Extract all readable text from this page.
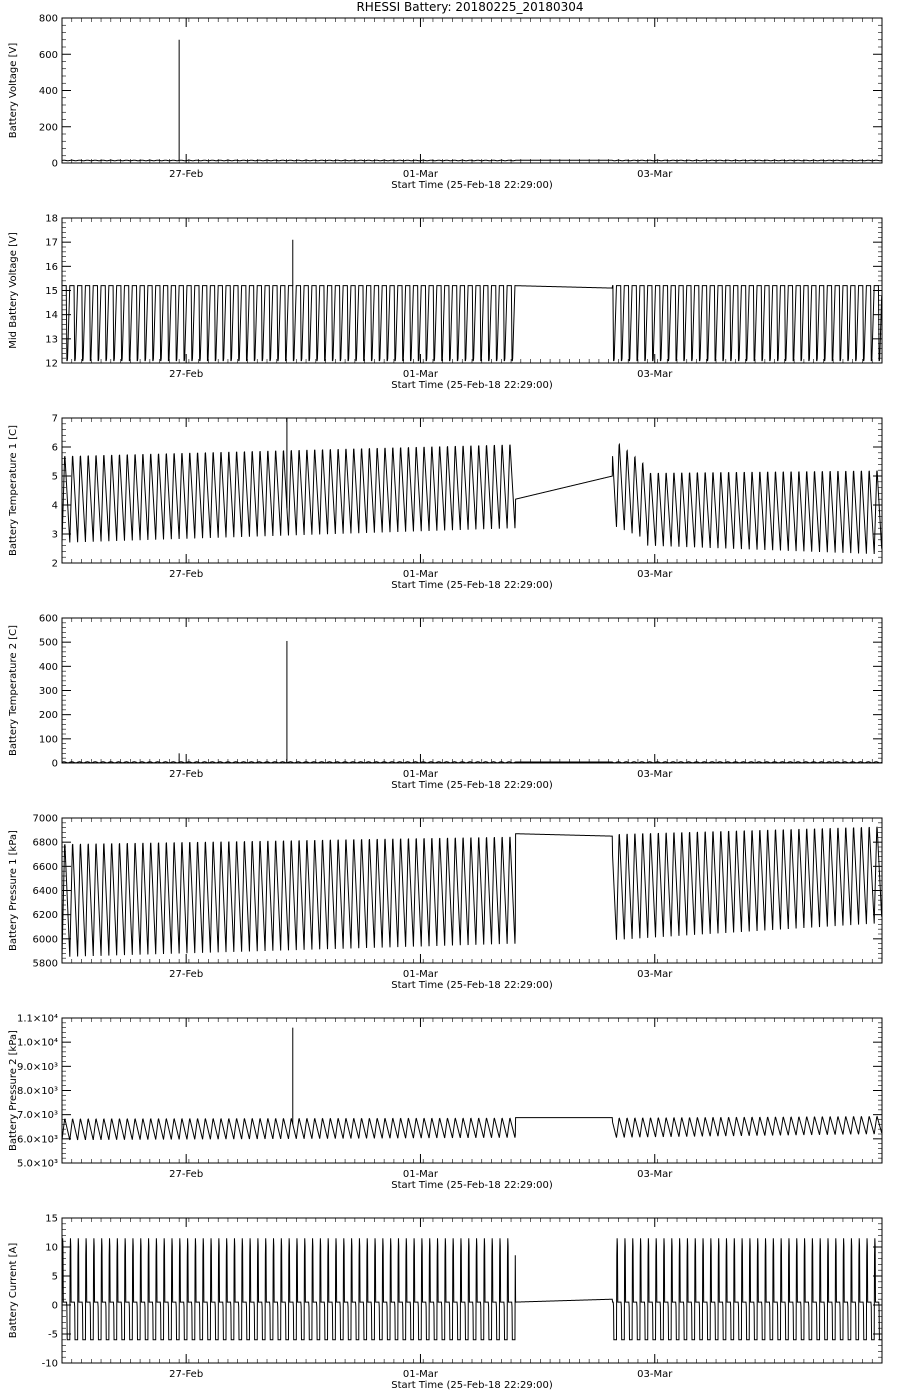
RHESSI Battery: 20180225_20180304
27-Feb	01-Mar	03-Mar
Start Time (25-Feb-18 22:29:00)
0
200
400
600
800
Battery Voltage [V]
27-Feb	01-Mar	03-Mar
Start Time (25-Feb-18 22:29:00)
12
13
14
15
16
17
18
Mid Battery Voltage [V]
27-Feb	01-Mar	03-Mar
Start Time (25-Feb-18 22:29:00)
2
3
4
5
6
7
Battery Temperature 1 [C]
27-Feb	01-Mar	03-Mar
Start Time (25-Feb-18 22:29:00)
0
100
200
300
400
500
600
Battery Temperature 2 [C]
27-Feb	01-Mar	03-Mar
Start Time (25-Feb-18 22:29:00)
5800
6000
6200
6400
6600
6800
7000
Battery Pressure 1 [kPa]
27-Feb	01-Mar	03-Mar
Start Time (25-Feb-18 22:29:00)
5.0×10³
6.0×10³
7.0×10³
8.0×10³
9.0×10³
1.0×10⁴
1.1×10⁴
Battery Pressure 2 [kPa]
27-Feb	01-Mar	03-Mar
Start Time (25-Feb-18 22:29:00)
-10
-5
0
5
10
15
Battery Current [A]
